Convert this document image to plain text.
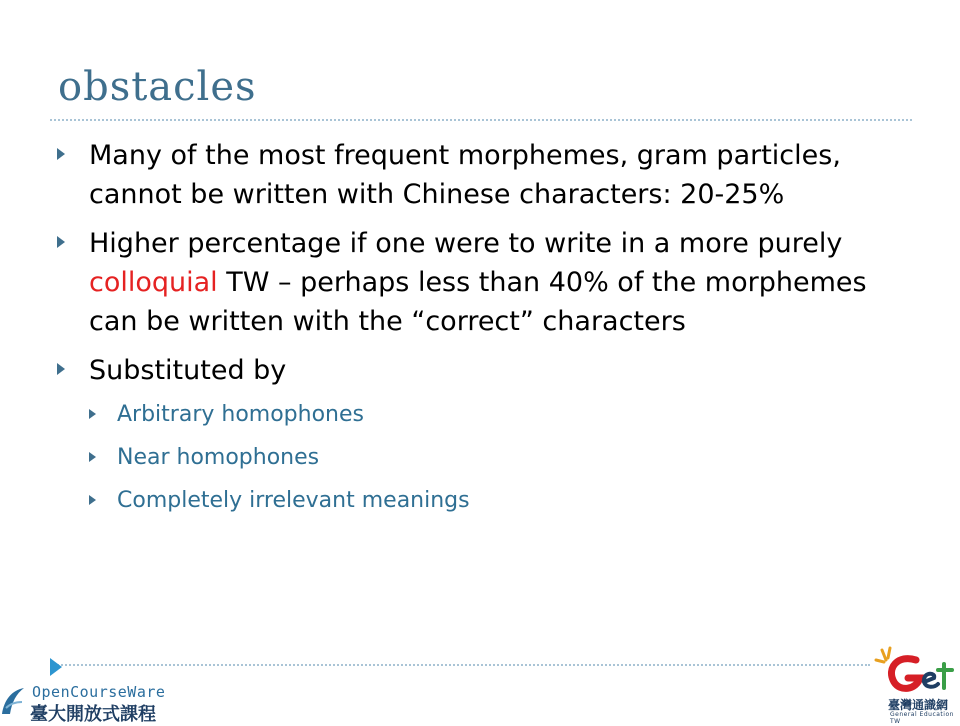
obstacles
Many of the most frequent morphemes, gram particles, cannot be written with Chinese characters: 20-25%
Higher percentage if one were to write in a more purely colloquial TW – perhaps less than 40% of the morphemes can be written with the “correct” characters
Substituted by
Arbitrary homophones
Near homophones
Completely irrelevant meanings
OpenCourseWare
臺大開放式課程	臺灣通識網
General Education TW
